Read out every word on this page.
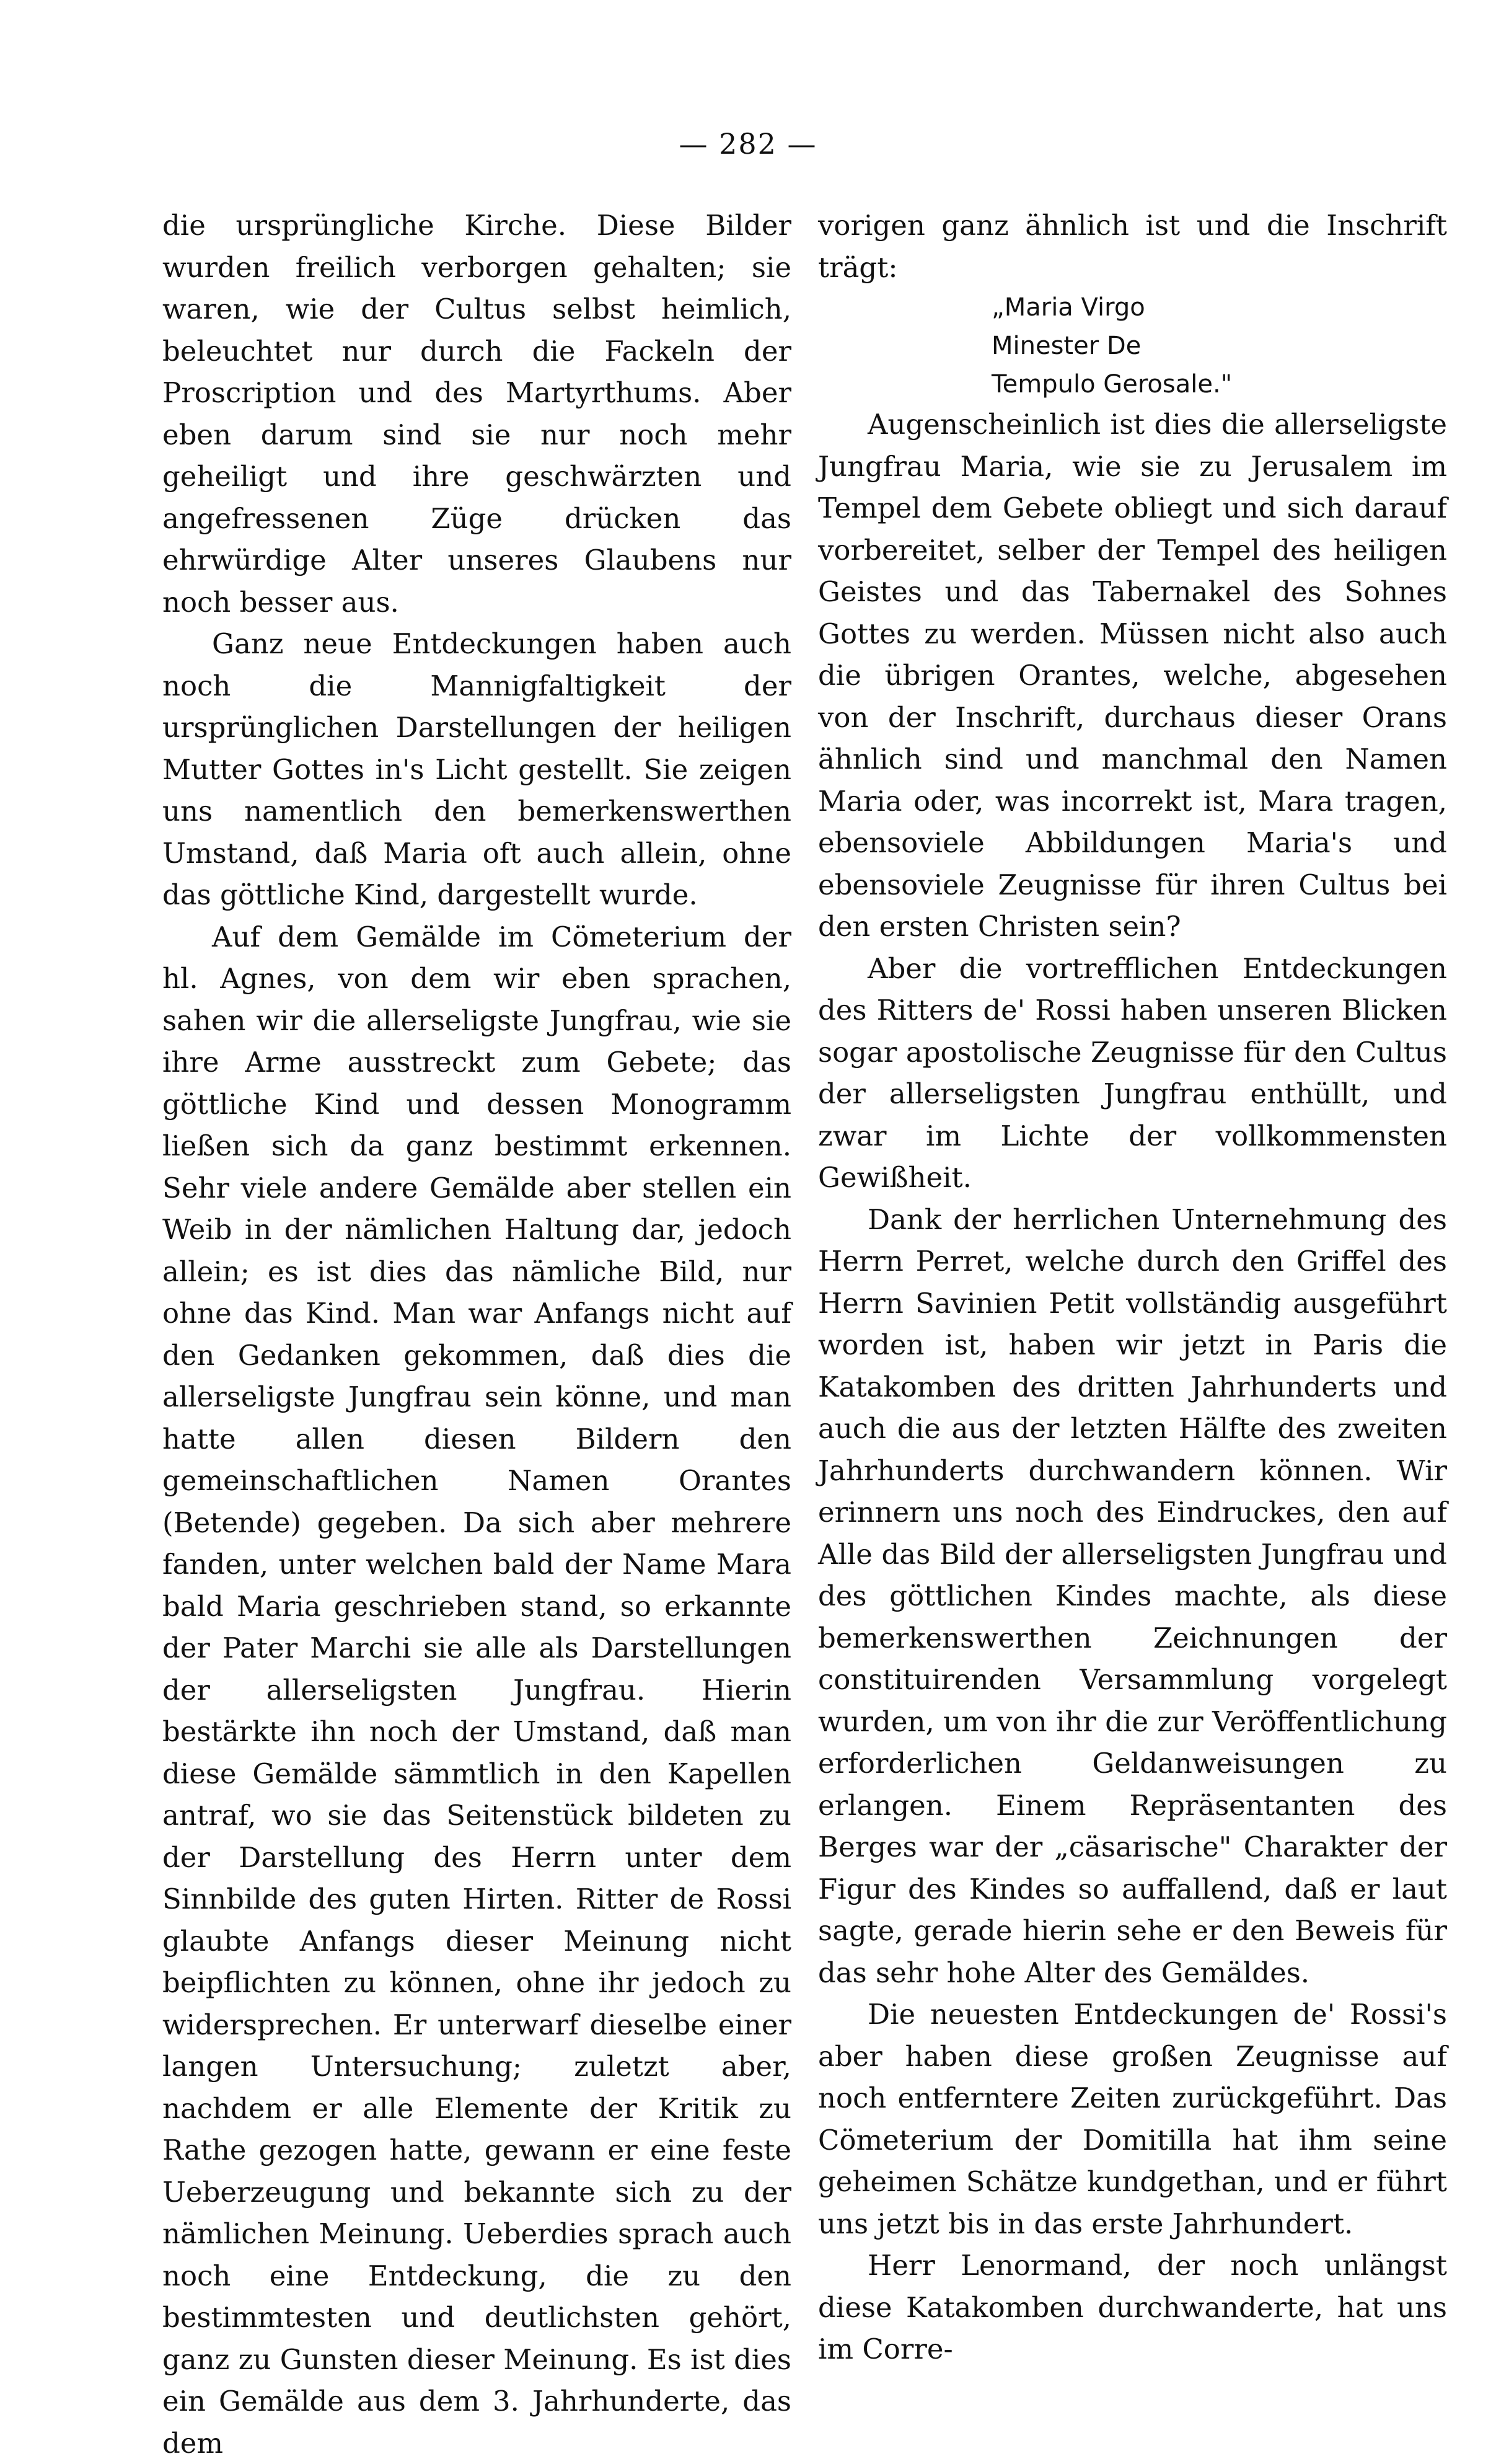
— 282 —

die ursprüngliche Kirche. Diese Bilder wurden freilich verborgen gehalten; sie waren, wie der Cultus selbst heimlich, beleuchtet nur durch die Fackeln der Proscription und des Martyrthums. Aber eben darum sind sie nur noch mehr geheiligt und ihre geschwärzten und angefressenen Züge drücken das ehrwürdige Alter unseres Glaubens nur noch besser aus.

Ganz neue Entdeckungen haben auch noch die Mannigfaltigkeit der ursprünglichen Darstellungen der heiligen Mutter Gottes in's Licht gestellt. Sie zeigen uns namentlich den bemerkenswerthen Umstand, daß Maria oft auch allein, ohne das göttliche Kind, dargestellt wurde.

Auf dem Gemälde im Cömeterium der hl. Agnes, von dem wir eben sprachen, sahen wir die allerseligste Jungfrau, wie sie ihre Arme ausstreckt zum Gebete; das göttliche Kind und dessen Monogramm ließen sich da ganz bestimmt erkennen. Sehr viele andere Gemälde aber stellen ein Weib in der nämlichen Haltung dar, jedoch allein; es ist dies das nämliche Bild, nur ohne das Kind. Man war Anfangs nicht auf den Gedanken gekommen, daß dies die allerseligste Jungfrau sein könne, und man hatte allen diesen Bildern den gemeinschaftlichen Namen Orantes (Betende) gegeben. Da sich aber mehrere fanden, unter welchen bald der Name Mara bald Maria geschrieben stand, so erkannte der Pater Marchi sie alle als Darstellungen der allerseligsten Jungfrau. Hierin bestärkte ihn noch der Umstand, daß man diese Gemälde sämmtlich in den Kapellen antraf, wo sie das Seitenstück bildeten zu der Darstellung des Herrn unter dem Sinnbilde des guten Hirten. Ritter de Rossi glaubte Anfangs dieser Meinung nicht beipflichten zu können, ohne ihr jedoch zu widersprechen. Er unterwarf dieselbe einer langen Untersuchung; zuletzt aber, nachdem er alle Elemente der Kritik zu Rathe gezogen hatte, gewann er eine feste Ueberzeugung und bekannte sich zu der nämlichen Meinung. Ueberdies sprach auch noch eine Entdeckung, die zu den bestimmtesten und deutlichsten gehört, ganz zu Gunsten dieser Meinung. Es ist dies ein Gemälde aus dem 3. Jahrhunderte, das dem

vorigen ganz ähnlich ist und die Inschrift trägt:

„Maria Virgo
Minester De
Tempulo Gerosale."

Augenscheinlich ist dies die allerseligste Jungfrau Maria, wie sie zu Jerusalem im Tempel dem Gebete obliegt und sich darauf vorbereitet, selber der Tempel des heiligen Geistes und das Tabernakel des Sohnes Gottes zu werden. Müssen nicht also auch die übrigen Orantes, welche, abgesehen von der Inschrift, durchaus dieser Orans ähnlich sind und manchmal den Namen Maria oder, was incorrekt ist, Mara tragen, ebensoviele Abbildungen Maria's und ebensoviele Zeugnisse für ihren Cultus bei den ersten Christen sein?

Aber die vortrefflichen Entdeckungen des Ritters de' Rossi haben unseren Blicken sogar apostolische Zeugnisse für den Cultus der allerseligsten Jungfrau enthüllt, und zwar im Lichte der vollkommensten Gewißheit.

Dank der herrlichen Unternehmung des Herrn Perret, welche durch den Griffel des Herrn Savinien Petit vollständig ausgeführt worden ist, haben wir jetzt in Paris die Katakomben des dritten Jahrhunderts und auch die aus der letzten Hälfte des zweiten Jahrhunderts durchwandern können. Wir erinnern uns noch des Eindruckes, den auf Alle das Bild der allerseligsten Jungfrau und des göttlichen Kindes machte, als diese bemerkenswerthen Zeichnungen der constituirenden Versammlung vorgelegt wurden, um von ihr die zur Veröffentlichung erforderlichen Geldanweisungen zu erlangen. Einem Repräsentanten des Berges war der „cäsarische" Charakter der Figur des Kindes so auffallend, daß er laut sagte, gerade hierin sehe er den Beweis für das sehr hohe Alter des Gemäldes.

Die neuesten Entdeckungen de' Rossi's aber haben diese großen Zeugnisse auf noch entferntere Zeiten zurückgeführt. Das Cömeterium der Domitilla hat ihm seine geheimen Schätze kundgethan, und er führt uns jetzt bis in das erste Jahrhundert.

Herr Lenormand, der noch unlängst diese Katakomben durchwanderte, hat uns im Corre-
